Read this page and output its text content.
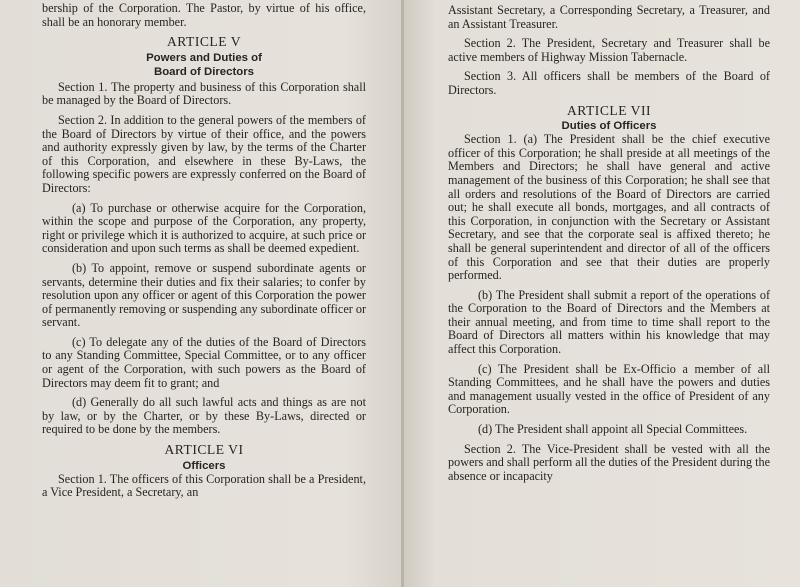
bership of the Corporation. The Pastor, by virtue of his office, shall be an honorary member.

ARTICLE V
Powers and Duties of
Board of Directors

Section 1. The property and business of this Corporation shall be managed by the Board of Directors.

Section 2. In addition to the general powers of the members of the Board of Directors by virtue of their office, and the powers and authority expressly given by law, by the terms of the Charter of this Corporation, and elsewhere in these By-Laws, the following specific powers are expressly conferred on the Board of Directors:

(a) To purchase or otherwise acquire for the Corporation, within the scope and purpose of the Corporation, any property, right or privilege which it is authorized to acquire, at such price or consideration and upon such terms as shall be deemed expedient.

(b) To appoint, remove or suspend subordinate agents or servants, determine their duties and fix their salaries; to confer by resolution upon any officer or agent of this Corporation the power of permanently removing or suspending any subordinate officer or servant.

(c) To delegate any of the duties of the Board of Directors to any Standing Committee, Special Committee, or to any officer or agent of the Corporation, with such powers as the Board of Directors may deem fit to grant; and

(d) Generally do all such lawful acts and things as are not by law, or by the Charter, or by these By-Laws, directed or required to be done by the members.

ARTICLE VI
Officers

Section 1. The officers of this Corporation shall be a President, a Vice President, a Secretary, an

Assistant Secretary, a Corresponding Secretary, a Treasurer, and an Assistant Treasurer.

Section 2. The President, Secretary and Treasurer shall be active members of Highway Mission Tabernacle.

Section 3. All officers shall be members of the Board of Directors.

ARTICLE VII
Duties of Officers

Section 1. (a) The President shall be the chief executive officer of this Corporation; he shall preside at all meetings of the Members and Directors; he shall have general and active management of the business of this Corporation; he shall see that all orders and resolutions of the Board of Directors are carried out; he shall execute all bonds, mortgages, and all contracts of this Corporation, in conjunction with the Secretary or Assistant Secretary, and see that the corporate seal is affixed thereto; he shall be general superintendent and director of all of the officers of this Corporation and see that their duties are properly performed.

(b) The President shall submit a report of the operations of the Corporation to the Board of Directors and the Members at their annual meeting, and from time to time shall report to the Board of Directors all matters within his knowledge that may affect this Corporation.

(c) The President shall be Ex-Officio a member of all Standing Committees, and he shall have the powers and duties and management usually vested in the office of President of any Corporation.

(d) The President shall appoint all Special Committees.

Section 2. The Vice-President shall be vested with all the powers and shall perform all the duties of the President during the absence or incapacity
